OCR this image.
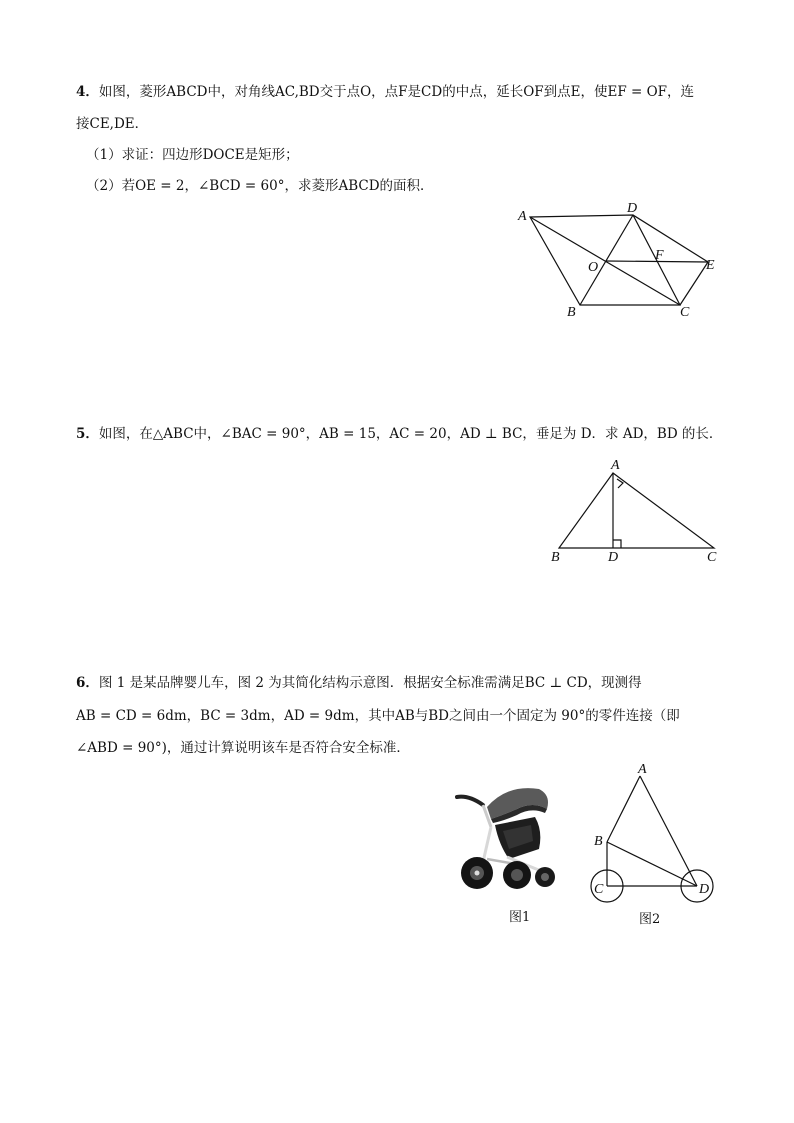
4．如图，菱形ABCD中，对角线AC,BD交于点O，点F是CD的中点，延长OF到点E，使EF = OF，连
接CE,DE．
（1）求证：四边形DOCE是矩形；
（2）若OE = 2，∠BCD = 60°，求菱形ABCD的面积．
A
D
F
E
O
B	C
5．如图，在△ABC中，∠BAC = 90°，AB = 15，AC = 20，AD ⊥ BC，垂足为 D．求 AD，BD 的长．
A
B	D	C
6．图 1 是某品牌婴儿车，图 2 为其简化结构示意图．根据安全标准需满足BC ⊥ CD，现测得
AB = CD = 6dm，BC = 3dm，AD = 9dm，其中AB与BD之间由一个固定为 90°的零件连接（即
∠ABD = 90°)，通过计算说明该车是否符合安全标准．
图1
A
B
C	D
图2
